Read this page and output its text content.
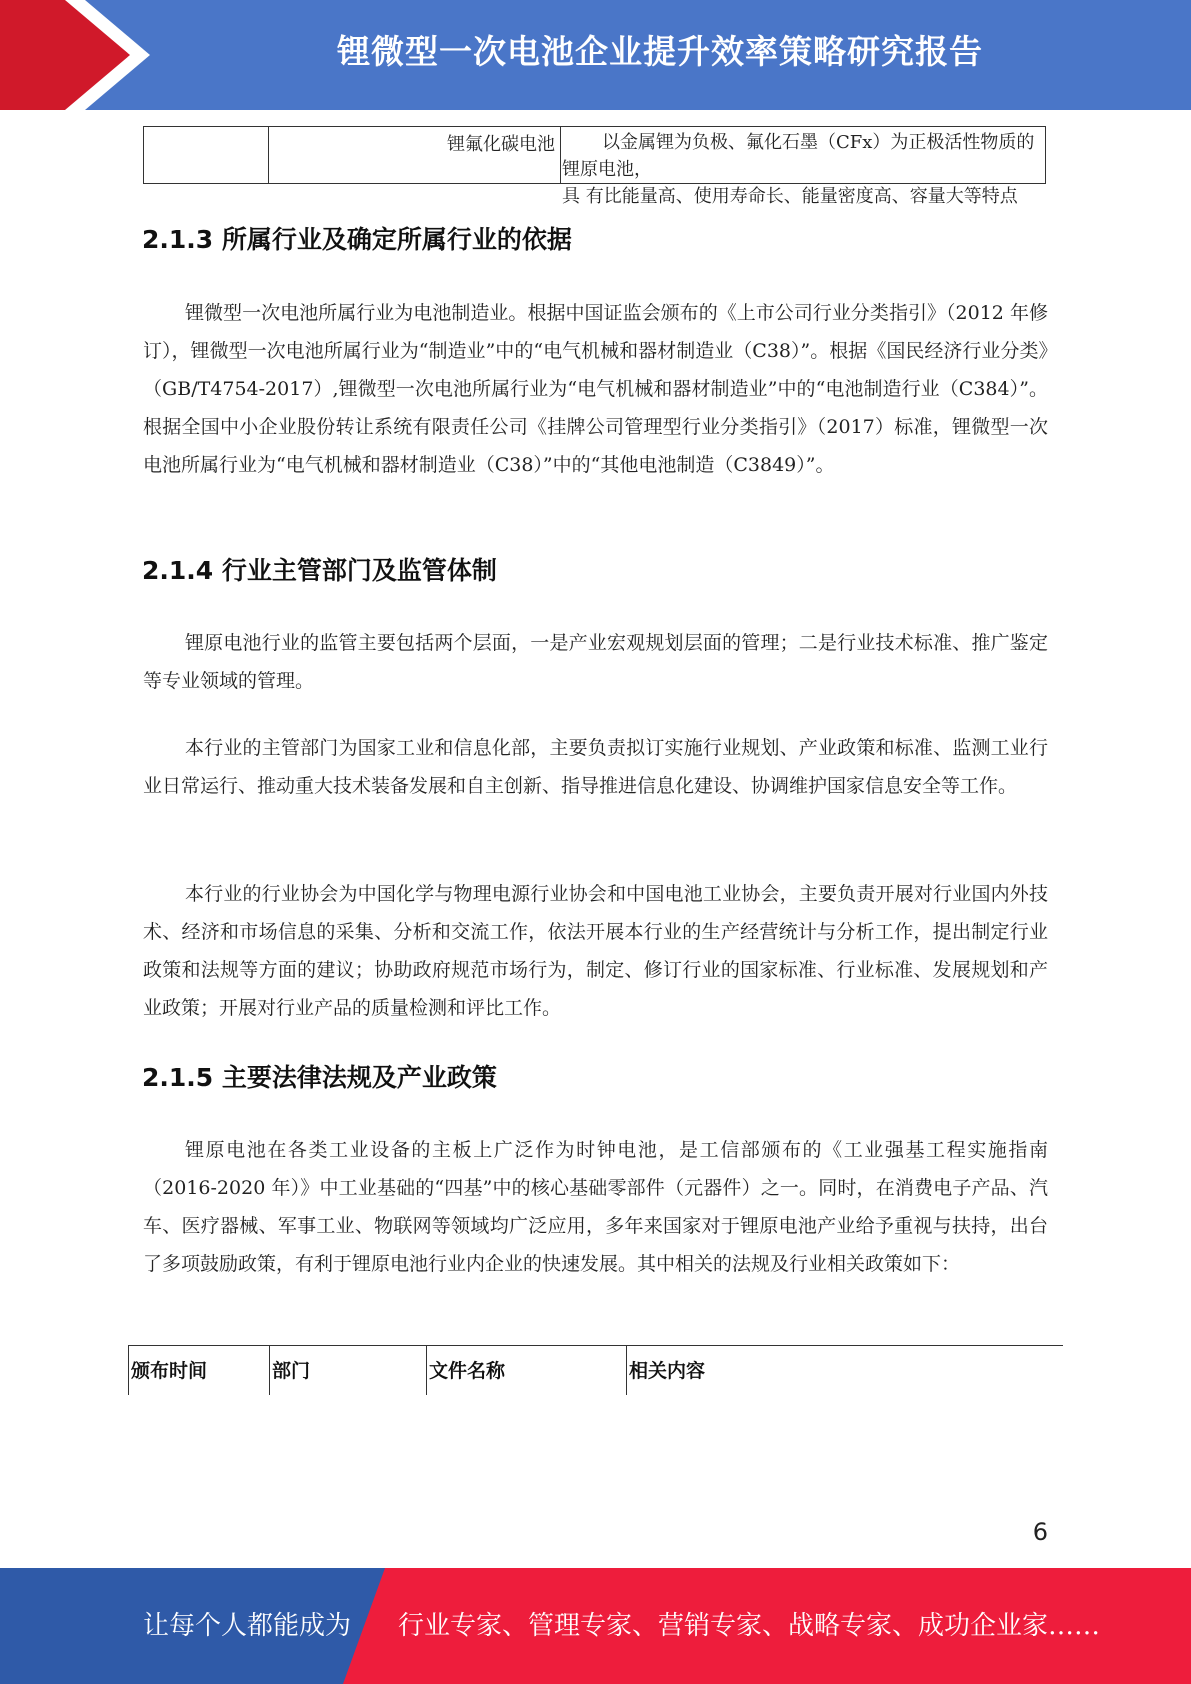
锂微型一次电池企业提升效率策略研究报告
锂氟化碳电池	以金属锂为负极、氟化石墨（CFx）为正极活性物质的锂原电池，
具 有比能量高、使用寿命长、能量密度高、容量大等特点
2.1.3 所属行业及确定所属行业的依据
锂微型一次电池所属行业为电池制造业。根据中国证监会颁布的《上市公司行业分类指引》（2012 年修订），锂微型一次电池所属行业为“制造业”中的“电气机械和器材制造业（C38）”。根据《国民经济行业分类》（GB/T4754-2017）,锂微型一次电池所属行业为“电气机械和器材制造业”中的“电池制造行业（C384）”。根据全国中小企业股份转让系统有限责任公司《挂牌公司管理型行业分类指引》（2017）标准，锂微型一次电池所属行业为“电气机械和器材制造业（C38）”中的“其他电池制造（C3849）”。
2.1.4 行业主管部门及监管体制
锂原电池行业的监管主要包括两个层面，一是产业宏观规划层面的管理；二是行业技术标准、推广鉴定等专业领域的管理。
本行业的主管部门为国家工业和信息化部，主要负责拟订实施行业规划、产业政策和标准、监测工业行业日常运行、推动重大技术装备发展和自主创新、指导推进信息化建设、协调维护国家信息安全等工作。
本行业的行业协会为中国化学与物理电源行业协会和中国电池工业协会，主要负责开展对行业国内外技术、经济和市场信息的采集、分析和交流工作，依法开展本行业的生产经营统计与分析工作，提出制定行业政策和法规等方面的建议；协助政府规范市场行为，制定、修订行业的国家标准、行业标准、发展规划和产业政策；开展对行业产品的质量检测和评比工作。
2.1.5 主要法律法规及产业政策
锂原电池在各类工业设备的主板上广泛作为时钟电池，是工信部颁布的《工业强基工程实施指南（2016-2020 年）》中工业基础的“四基”中的核心基础零部件（元器件）之一。同时，在消费电子产品、汽车、医疗器械、军事工业、物联网等领域均广泛应用，多年来国家对于锂原电池产业给予重视与扶持，出台了多项鼓励政策，有利于锂原电池行业内企业的快速发展。其中相关的法规及行业相关政策如下：
颁布时间	部门	文件名称	相关内容
6
让每个人都能成为 行业专家、管理专家、营销专家、战略专家、成功企业家……
